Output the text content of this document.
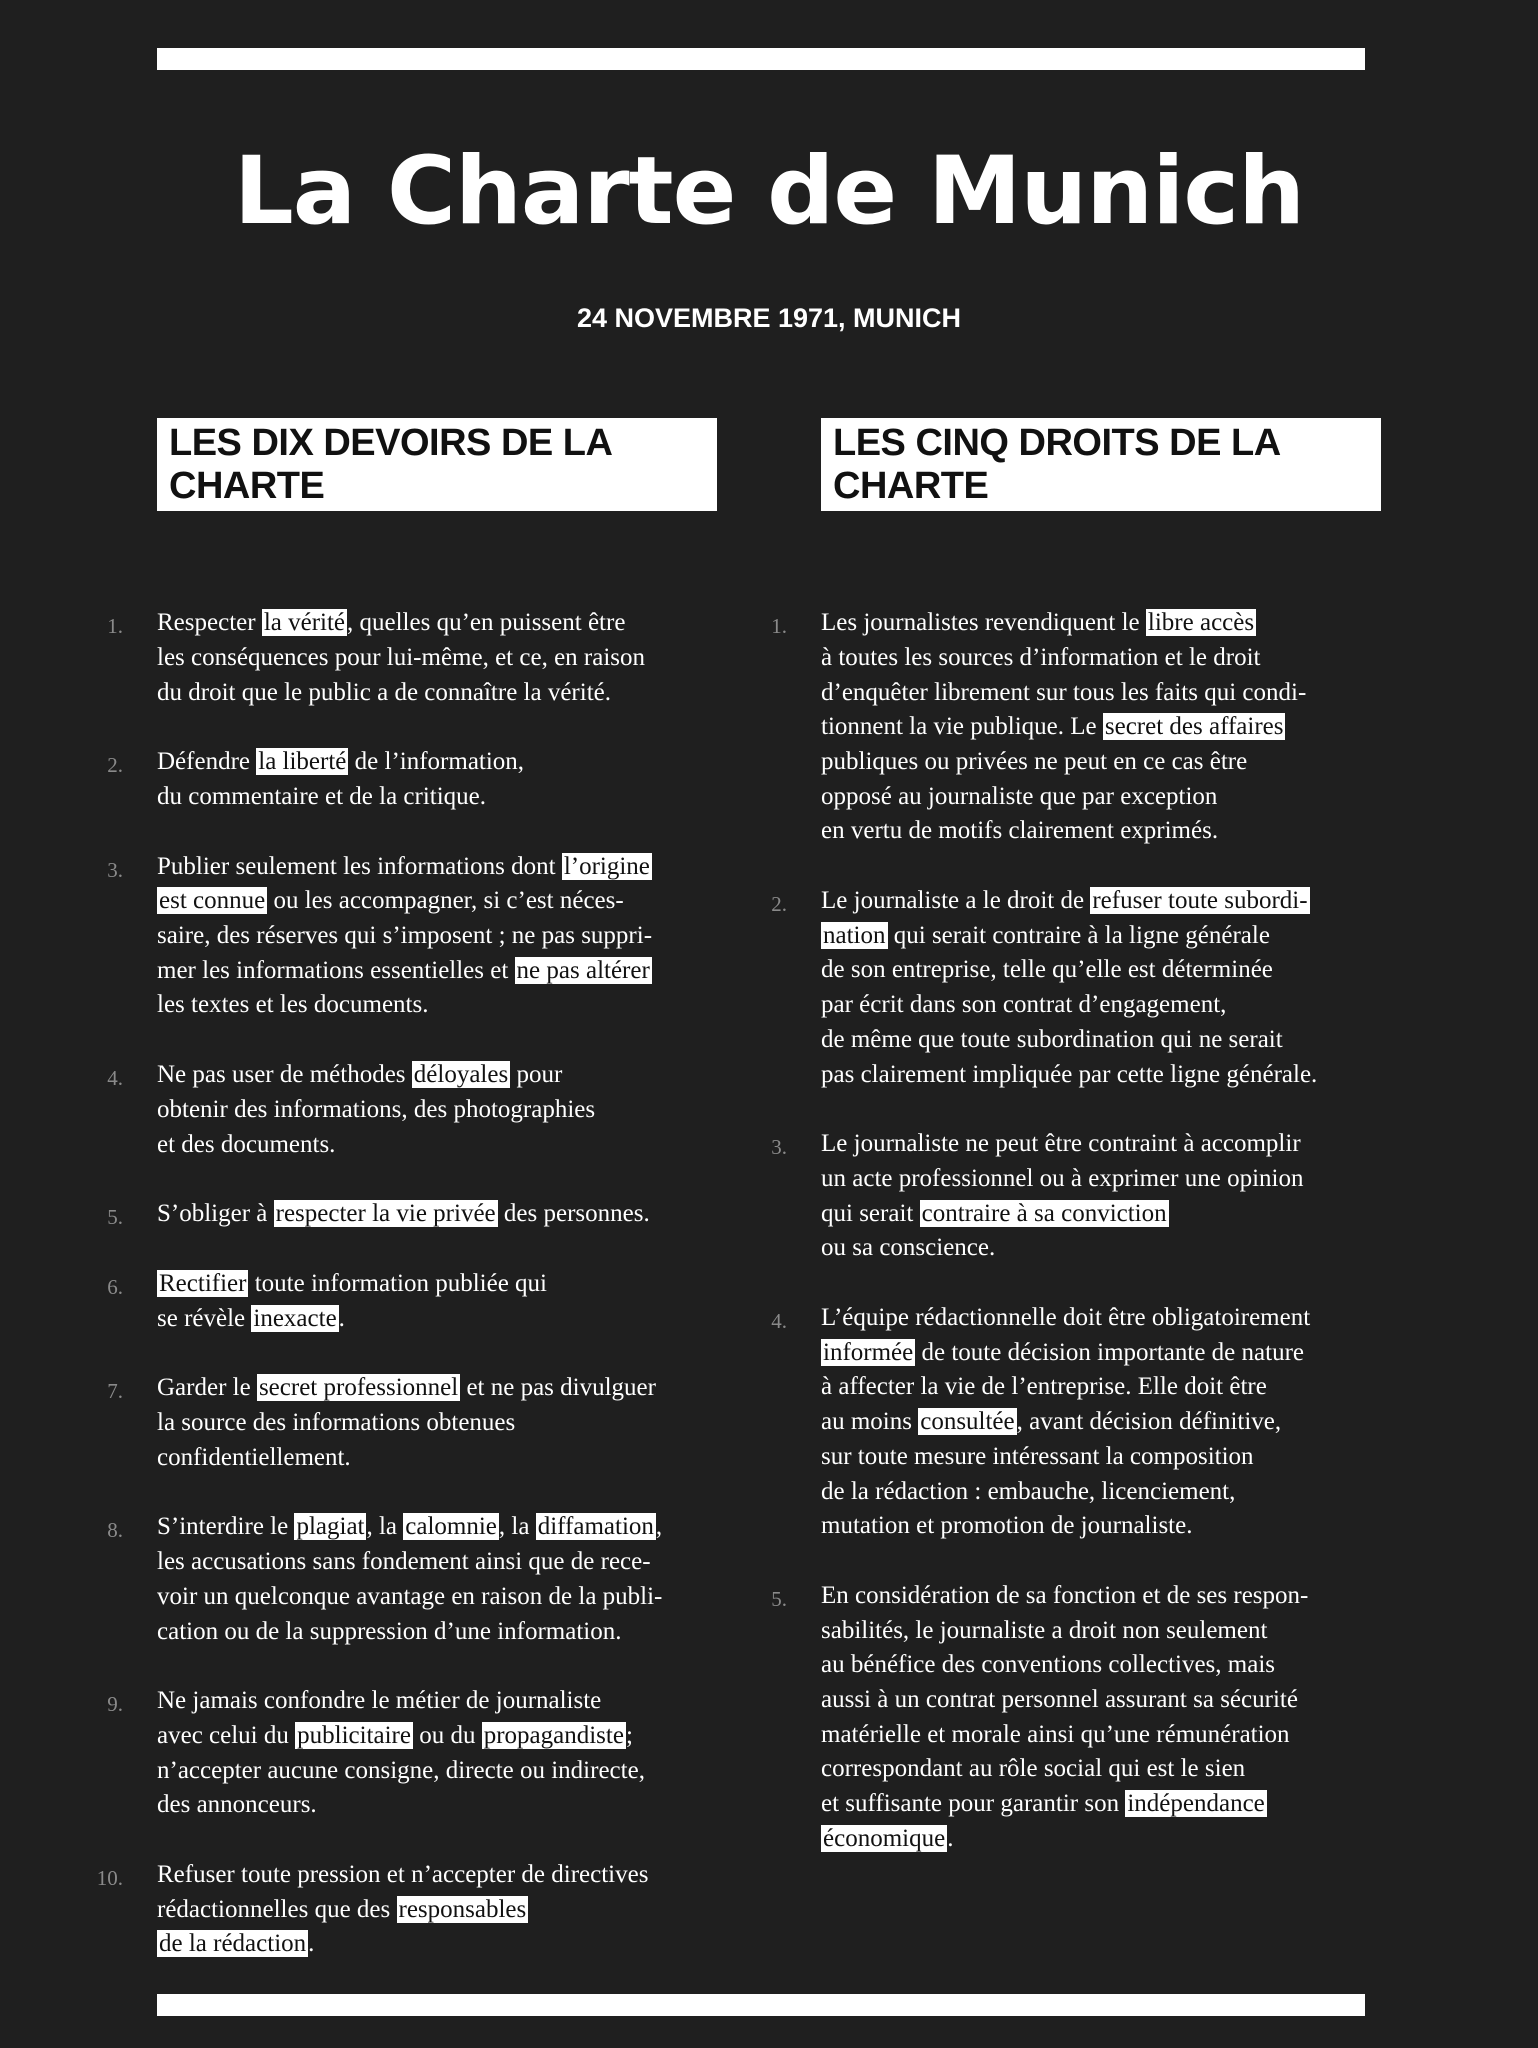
La Charte de Munich
24 NOVEMBRE 1971, MUNICH
LES DIX DEVOIRS DE LA CHARTE
1. Respecter la vérité, quelles qu’en puissent être
les conséquences pour lui-même, et ce, en raison
du droit que le public a de connaître la vérité.
2. Défendre la liberté de l’information,
du commentaire et de la critique.
3. Publier seulement les informations dont l’origine
est connue ou les accompagner, si c’est néces-
saire, des réserves qui s’imposent ; ne pas suppri-
mer les informations essentielles et ne pas altérer
les textes et les documents.
4. Ne pas user de méthodes déloyales pour
obtenir des informations, des photographies
et des documents.
5. S’obliger à respecter la vie privée des personnes.
6. Rectifier toute information publiée qui
se révèle inexacte.
7. Garder le secret professionnel et ne pas divulguer
la source des informations obtenues
confidentiellement.
8. S’interdire le plagiat, la calomnie, la diffamation,
les accusations sans fondement ainsi que de rece-
voir un quelconque avantage en raison de la publi-
cation ou de la suppression d’une information.
9. Ne jamais confondre le métier de journaliste
avec celui du publicitaire ou du propagandiste;
n’accepter aucune consigne, directe ou indirecte,
des annonceurs.
10. Refuser toute pression et n’accepter de directives
rédactionnelles que des responsables
de la rédaction.
LES CINQ DROITS DE LA CHARTE
1. Les journalistes revendiquent le libre accès
à toutes les sources d’information et le droit
d’enquêter librement sur tous les faits qui condi-
tionnent la vie publique. Le secret des affaires
publiques ou privées ne peut en ce cas être
opposé au journaliste que par exception
en vertu de motifs clairement exprimés.
2. Le journaliste a le droit de refuser toute subordi-
nation qui serait contraire à la ligne générale
de son entreprise, telle qu’elle est déterminée
par écrit dans son contrat d’engagement,
de même que toute subordination qui ne serait
pas clairement impliquée par cette ligne générale.
3. Le journaliste ne peut être contraint à accomplir
un acte professionnel ou à exprimer une opinion
qui serait contraire à sa conviction
ou sa conscience.
4. L’équipe rédactionnelle doit être obligatoirement
informée de toute décision importante de nature
à affecter la vie de l’entreprise. Elle doit être
au moins consultée, avant décision définitive,
sur toute mesure intéressant la composition
de la rédaction : embauche, licenciement,
mutation et promotion de journaliste.
5. En considération de sa fonction et de ses respon-
sabilités, le journaliste a droit non seulement
au bénéfice des conventions collectives, mais
aussi à un contrat personnel assurant sa sécurité
matérielle et morale ainsi qu’une rémunération
correspondant au rôle social qui est le sien
et suffisante pour garantir son indépendance
économique.
